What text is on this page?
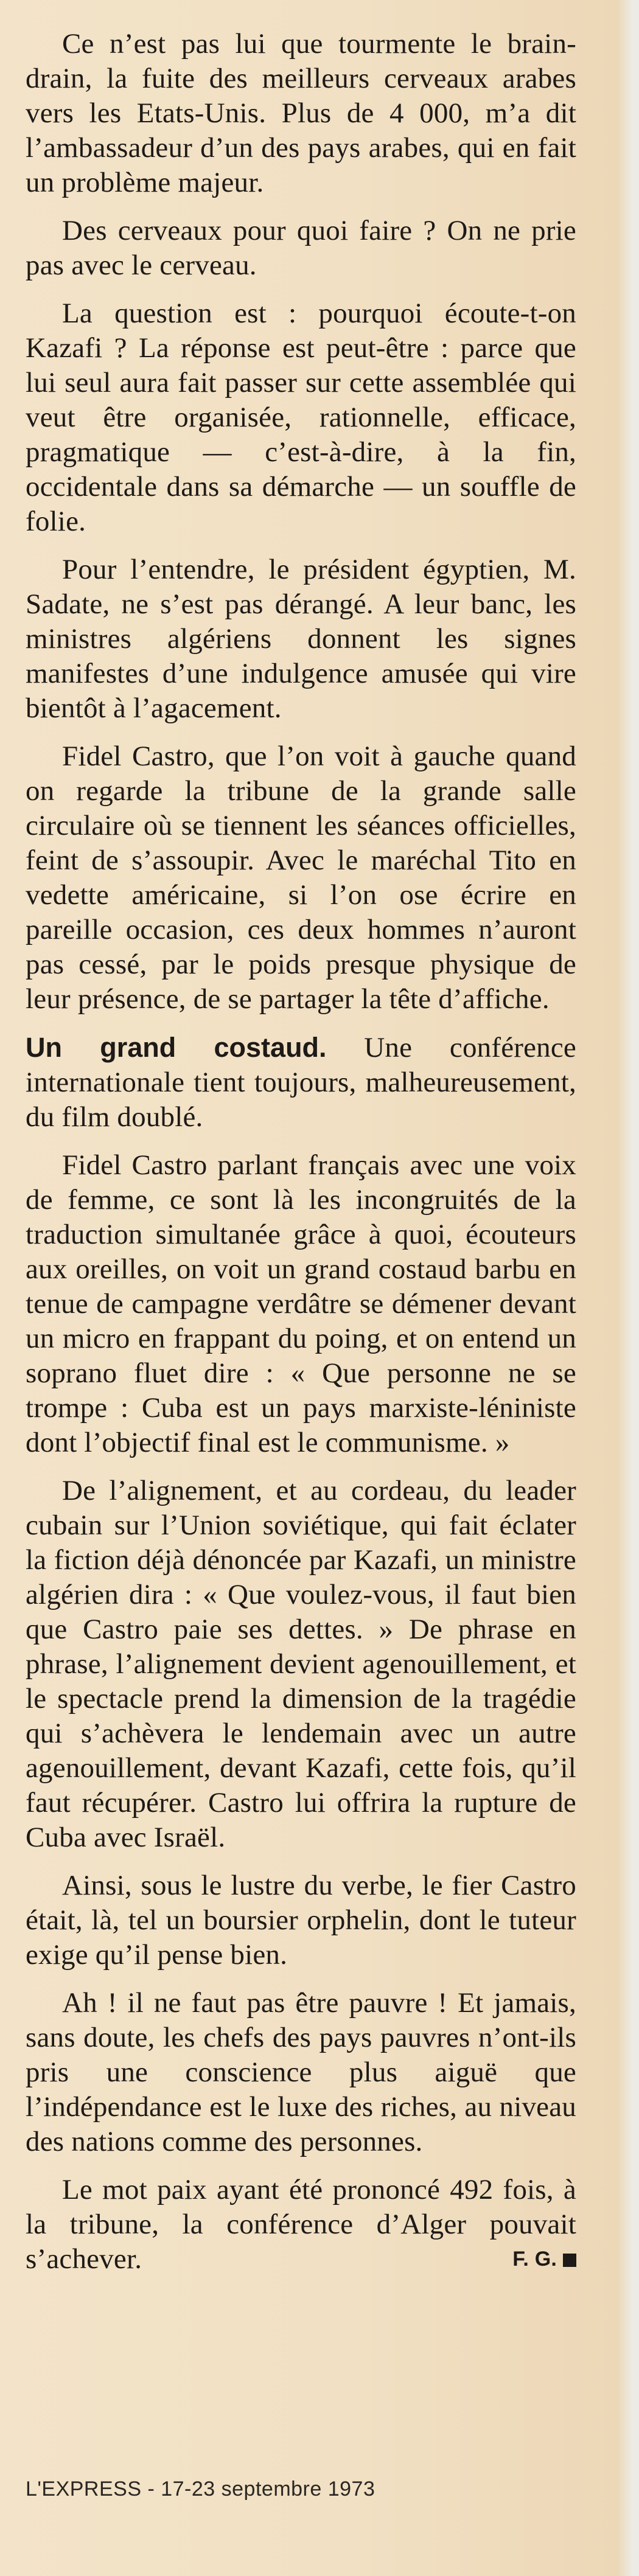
Ce n’est pas lui que tourmente le brain-drain, la fuite des meilleurs cerveaux arabes vers les Etats-Unis. Plus de 4 000, m’a dit l’ambassadeur d’un des pays arabes, qui en fait un problème majeur.

Des cerveaux pour quoi faire ? On ne prie pas avec le cerveau.

La question est : pourquoi écoute-t-on Kazafi ? La réponse est peut-être : parce que lui seul aura fait passer sur cette assemblée qui veut être organisée, rationnelle, efficace, pragmatique — c’est-à-dire, à la fin, occidentale dans sa démarche — un souffle de folie.

Pour l’entendre, le président égyptien, M. Sadate, ne s’est pas dérangé. A leur banc, les ministres algériens donnent les signes manifestes d’une indulgence amusée qui vire bientôt à l’agacement.

Fidel Castro, que l’on voit à gauche quand on regarde la tribune de la grande salle circulaire où se tiennent les séances officielles, feint de s’assoupir. Avec le maréchal Tito en vedette américaine, si l’on ose écrire en pareille occasion, ces deux hommes n’auront pas cessé, par le poids presque physique de leur présence, de se partager la tête d’affiche.

Un grand costaud. Une conférence internationale tient toujours, malheureusement, du film doublé.

Fidel Castro parlant français avec une voix de femme, ce sont là les incongruités de la traduction simultanée grâce à quoi, écouteurs aux oreilles, on voit un grand costaud barbu en tenue de campagne verdâtre se démener devant un micro en frappant du poing, et on entend un soprano fluet dire : « Que personne ne se trompe : Cuba est un pays marxiste-léniniste dont l’objectif final est le communisme. »

De l’alignement, et au cordeau, du leader cubain sur l’Union soviétique, qui fait éclater la fiction déjà dénoncée par Kazafi, un ministre algérien dira : « Que voulez-vous, il faut bien que Castro paie ses dettes. » De phrase en phrase, l’alignement devient agenouillement, et le spectacle prend la dimension de la tragédie qui s’achèvera le lendemain avec un autre agenouillement, devant Kazafi, cette fois, qu’il faut récupérer. Castro lui offrira la rupture de Cuba avec Israël.

Ainsi, sous le lustre du verbe, le fier Castro était, là, tel un boursier orphelin, dont le tuteur exige qu’il pense bien.

Ah ! il ne faut pas être pauvre ! Et jamais, sans doute, les chefs des pays pauvres n’ont-ils pris une conscience plus aiguë que l’indépendance est le luxe des riches, au niveau des nations comme des personnes.

Le mot paix ayant été prononcé 492 fois, à la tribune, la conférence d’Alger pouvait s’achever.	F. G.

L'EXPRESS - 17-23 septembre 1973
